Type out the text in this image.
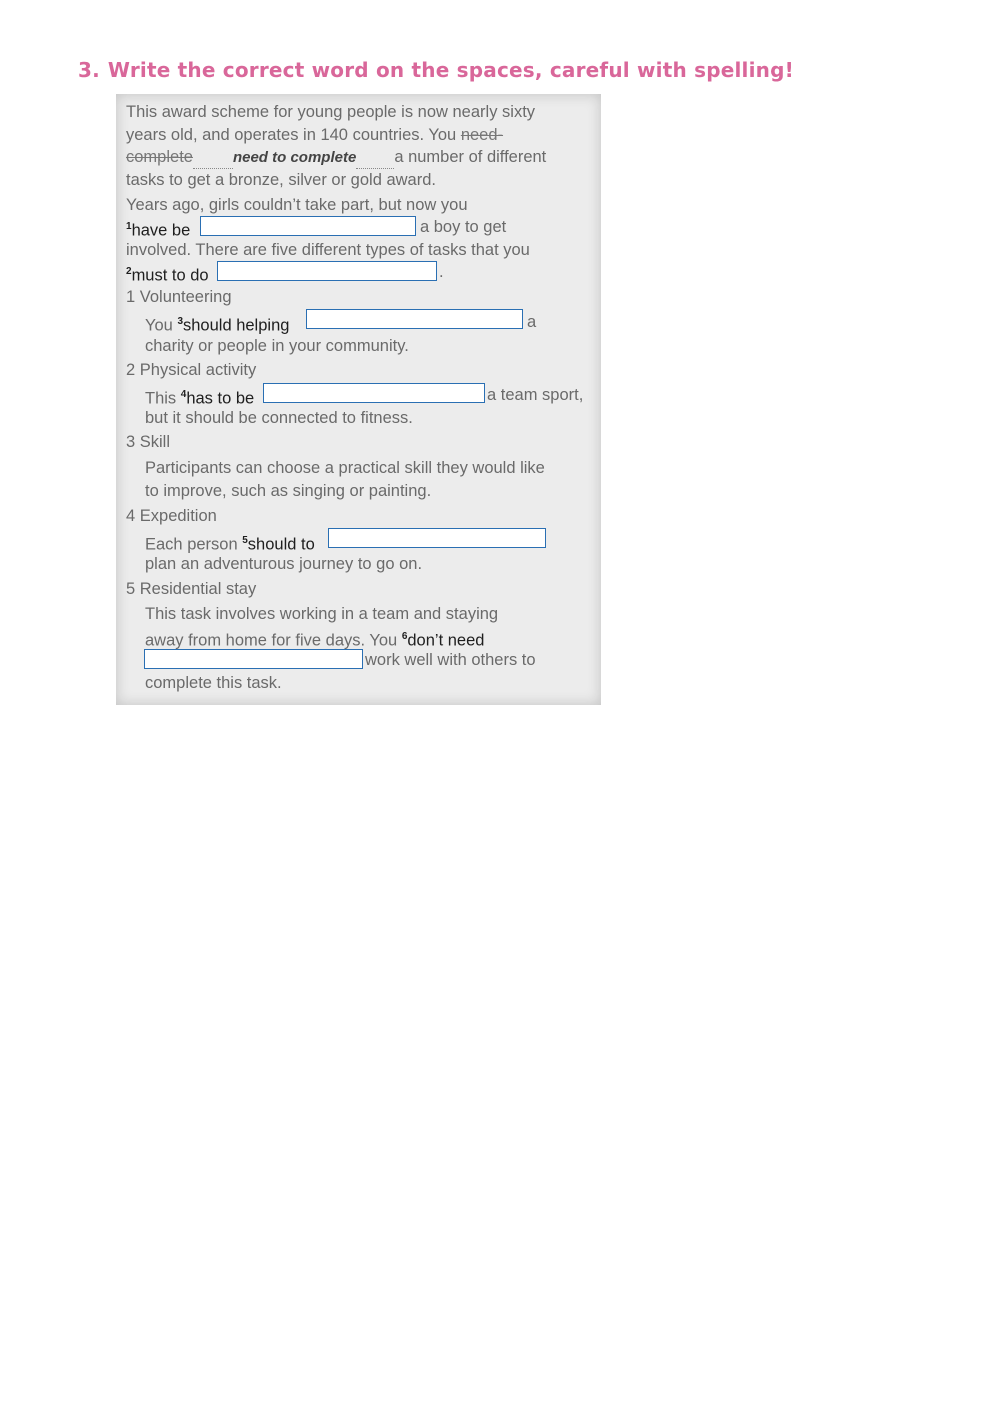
3. Write the correct word on the spaces, careful with spelling!
This award scheme for young people is now nearly sixty
years old, and operates in 140 countries. You need-
complete	need to complete a number of different
tasks to get a bronze, silver or gold award.
Years ago, girls couldn’t take part, but now you
$^1$have be	a boy to get
involved. There are five different types of tasks that you
$^2$must to do	.
1 Volunteering
You $^3$should helping	a
charity or people in your community.
2 Physical activity
This $^4$has to be	a team sport,
but it should be connected to fitness.
3 Skill
Participants can choose a practical skill they would like
to improve, such as singing or painting.
4 Expedition
Each person $^5$should to
plan an adventurous journey to go on.
5 Residential stay
This task involves working in a team and staying
away from home for five days. You $^6$don’t need
work well with others to
complete this task.
